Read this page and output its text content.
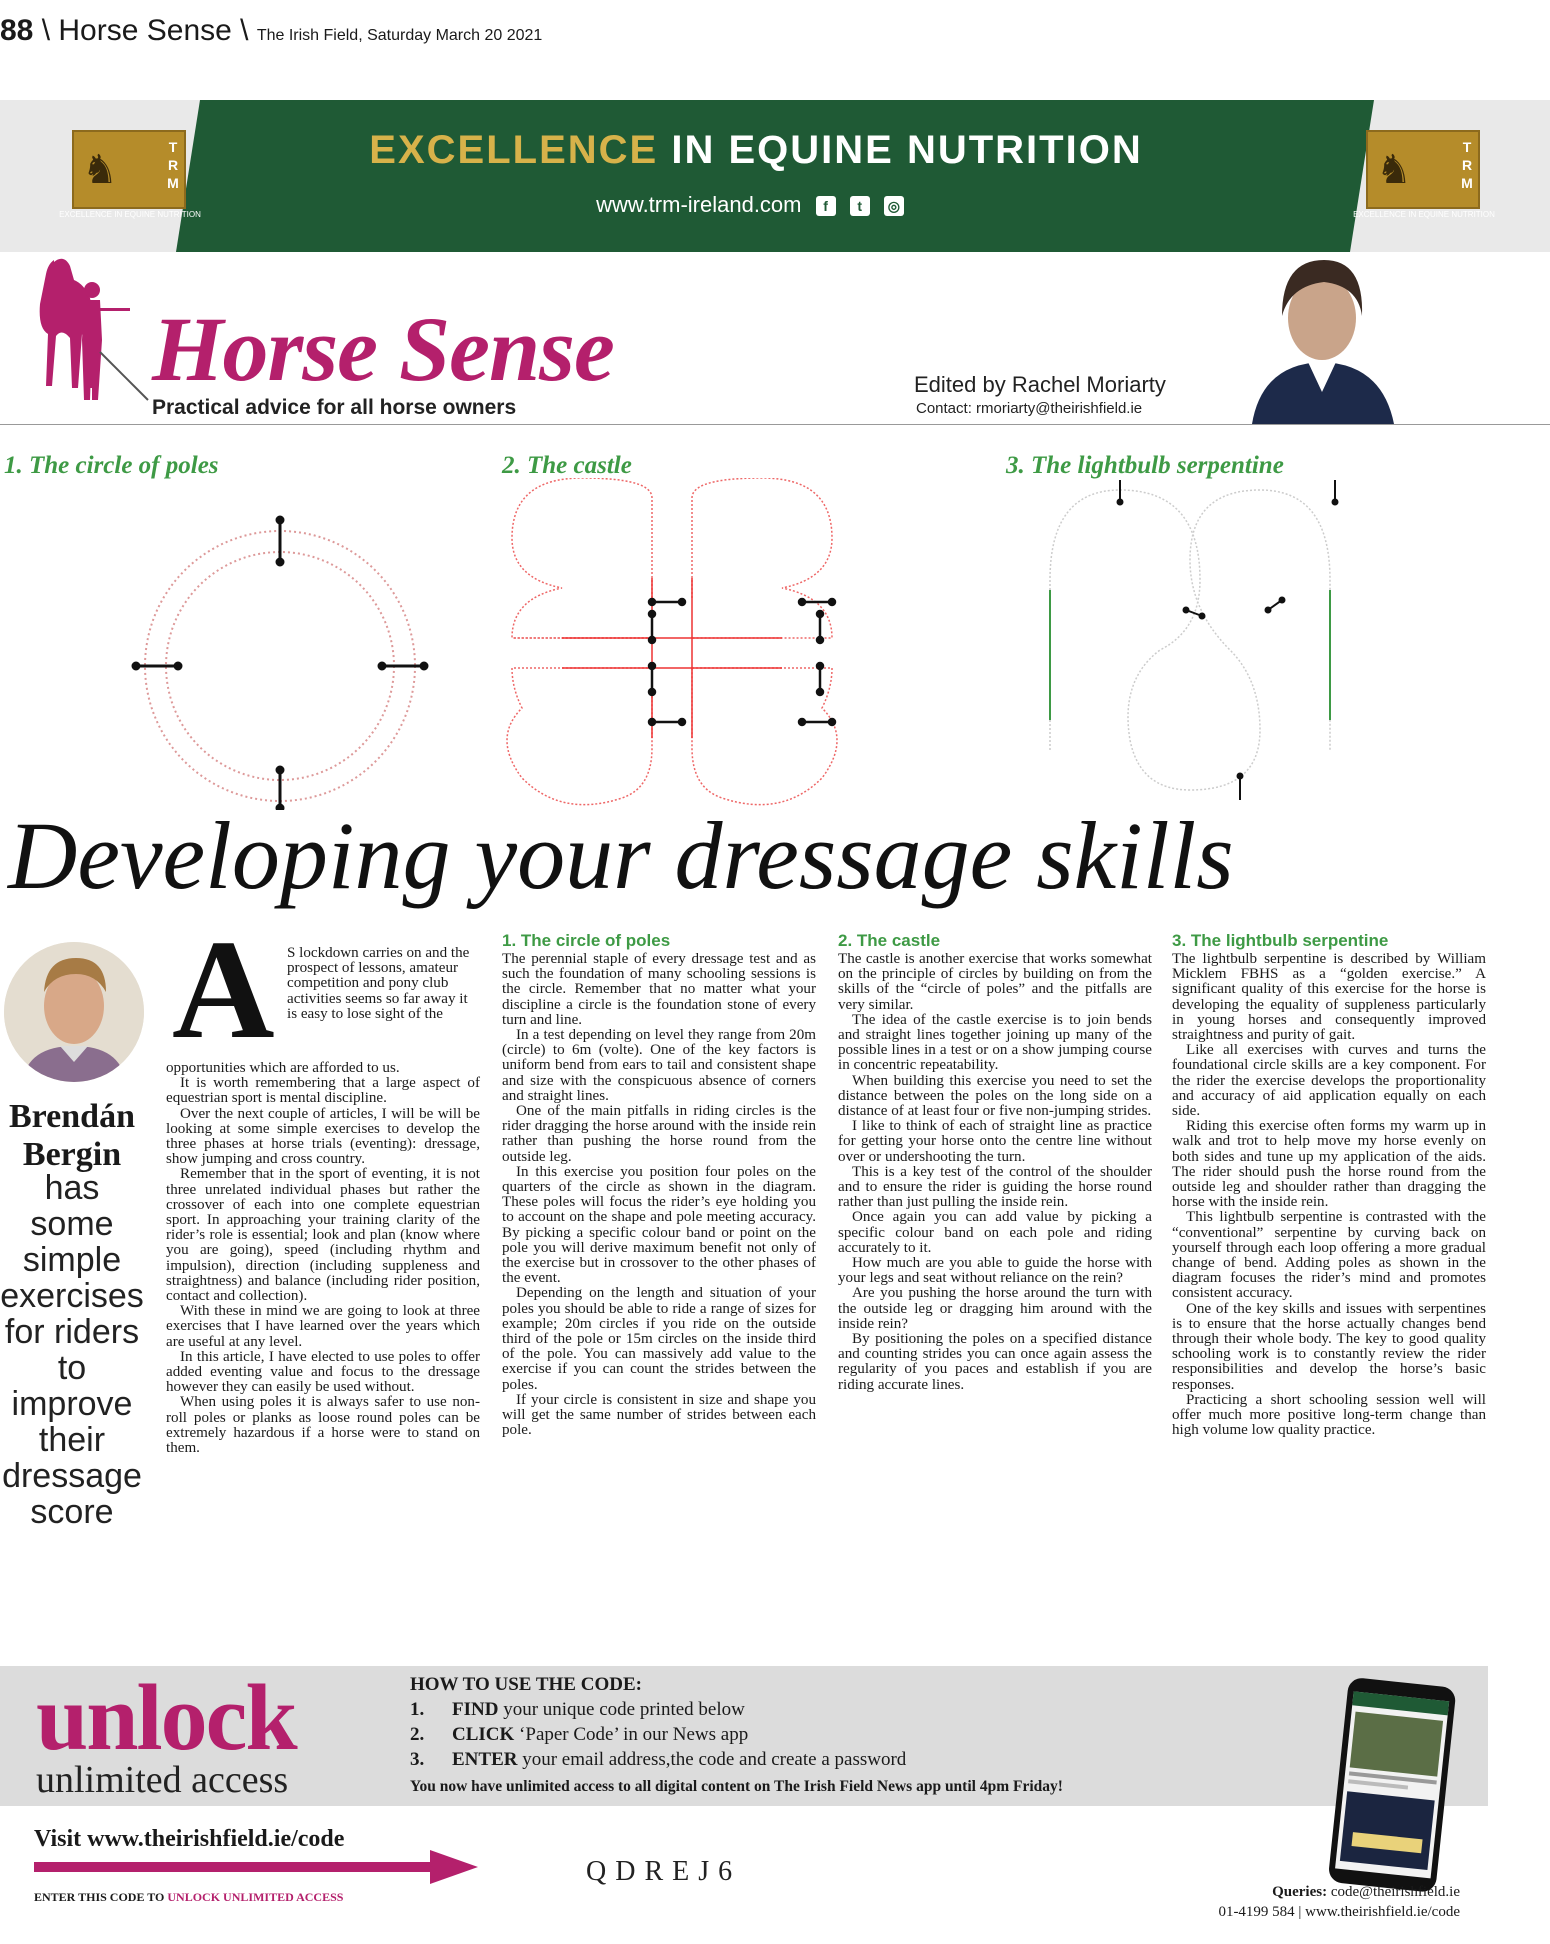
88 \ Horse Sense \ The Irish Field, Saturday March 20 2021
♞	TRM
EXCELLENCE IN EQUINE NUTRITION
♞	TRM
EXCELLENCE IN EQUINE NUTRITION
EXCELLENCE IN EQUINE NUTRITION
www.trm-ireland.com f t ◎
Horse Sense
Practical advice for all horse owners
Edited by Rachel Moriarty
Contact: rmoriarty@theirishfield.ie
1. The circle of poles	2. The castle	3. The lightbulb serpentine
Developing your dressage skills
Brendán Bergin
has some simple exercises for riders to improve their dressage score
A S lockdown carries on and the prospect of lessons, amateur competition and pony club activities seems so far away it is easy to lose sight of the

opportunities which are afforded to us.

It is worth remembering that a large aspect of equestrian sport is mental discipline.

Over the next couple of articles, I will be will be looking at some simple exercises to develop the three phases at horse trials (eventing): dressage, show jumping and cross country.

Remember that in the sport of eventing, it is not three unrelated individual phases but rather the crossover of each into one complete equestrian sport. In approaching your training clarity of the rider’s role is essential; look and plan (know where you are going), speed (including rhythm and impulsion), direction (including suppleness and straightness) and balance (including rider position, contact and collection).

With these in mind we are going to look at three exercises that I have learned over the years which are useful at any level.

In this article, I have elected to use poles to offer added eventing value and focus to the dressage however they can easily be used without.

When using poles it is always safer to use non-roll poles or planks as loose round poles can be extremely hazardous if a horse were to stand on them.

1. The circle of poles

The perennial staple of every dressage test and as such the foundation of many schooling sessions is the circle. Remember that no matter what your discipline a circle is the foundation stone of every turn and line.

In a test depending on level they range from 20m (circle) to 6m (volte). One of the key factors is uniform bend from ears to tail and consistent shape and size with the conspicuous absence of corners and straight lines.

One of the main pitfalls in riding circles is the rider dragging the horse around with the inside rein rather than pushing the horse round from the outside leg.

In this exercise you position four poles on the quarters of the circle as shown in the diagram. These poles will focus the rider’s eye holding you to account on the shape and pole meeting accuracy. By picking a specific colour band or point on the pole you will derive maximum benefit not only of the exercise but in crossover to the other phases of the event.

Depending on the length and situation of your poles you should be able to ride a range of sizes for example; 20m circles if you ride on the outside third of the pole or 15m circles on the inside third of the pole. You can massively add value to the exercise if you can count the strides between the poles.

If your circle is consistent in size and shape you will get the same number of strides between each pole.

2. The castle

The castle is another exercise that works somewhat on the principle of circles by building on from the skills of the “circle of poles” and the pitfalls are very similar.

The idea of the castle exercise is to join bends and straight lines together joining up many of the possible lines in a test or on a show jumping course in concentric repeatability.

When building this exercise you need to set the distance between the poles on the long side on a distance of at least four or five non-jumping strides.

I like to think of each of straight line as practice for getting your horse onto the centre line without over or undershooting the turn.

This is a key test of the control of the shoulder and to ensure the rider is guiding the horse round rather than just pulling the inside rein.

Once again you can add value by picking a specific colour band on each pole and riding accurately to it.

How much are you able to guide the horse with your legs and seat without reliance on the rein?

Are you pushing the horse around the turn with the outside leg or dragging him around with the inside rein?

By positioning the poles on a specified distance and counting strides you can once again assess the regularity of you paces and establish if you are riding accurate lines.

3. The lightbulb serpentine

The lightbulb serpentine is described by William Micklem FBHS as a “golden exercise.” A significant quality of this exercise for the horse is developing the equality of suppleness particularly in young horses and consequently improved straightness and purity of gait.

Like all exercises with curves and turns the foundational circle skills are a key component. For the rider the exercise develops the proportionality and accuracy of aid application equally on each side.

Riding this exercise often forms my warm up in walk and trot to help move my horse evenly on both sides and tune up my application of the aids. The rider should push the horse round from the outside leg and shoulder rather than dragging the horse with the inside rein.

This lightbulb serpentine is contrasted with the “conventional” serpentine by curving back on yourself through each loop offering a more gradual change of bend. Adding poles as shown in the diagram focuses the rider’s mind and promotes consistent accuracy.

One of the key skills and issues with serpentines is to ensure that the horse actually changes bend through their whole body. The key to good quality schooling work is to constantly review the rider responsibilities and develop the horse’s basic responses.

Practicing a short schooling session well will offer much more positive long-term change than high volume low quality practice.

unlock
unlimited access
HOW TO USE THE CODE:
1. FIND your unique code printed below
2. CLICK ‘Paper Code’ in our News app
3. ENTER your email address,the code and create a password
You now have unlimited access to all digital content on The Irish Field News app until 4pm Friday!
Visit www.theirishfield.ie/code
ENTER THIS CODE TO UNLOCK UNLIMITED ACCESS
QDREJ6
Queries: code@theirishfield.ie
01-4199 584 | www.theirishfield.ie/code
